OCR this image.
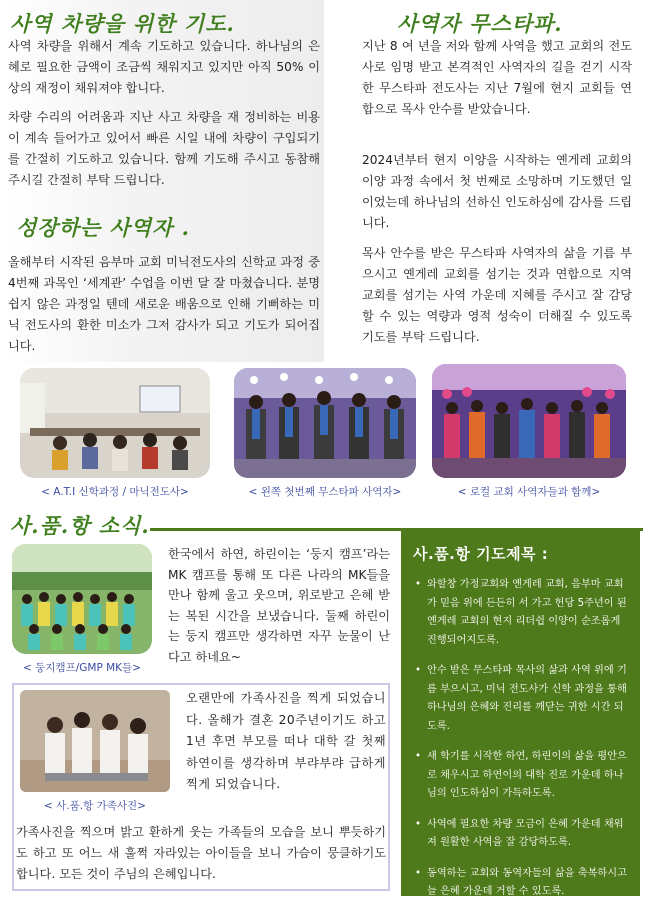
사역 차량을 위한 기도.
사역 차량을 위해서 계속 기도하고 있습니다. 하나님의 은혜로 필요한 금액이 조금씩 채워지고 있지만 아직 50% 이상의 재정이 채워져야 합니다.
차량 수리의 어려움과 지난 사고 차량을 재 정비하는 비용이 계속 들어가고 있어서 빠른 시일 내에 차량이 구입되기를 간절히 기도하고 있습니다. 함께 기도해 주시고 동참해 주시길 간절히 부탁 드립니다.
사역자 무스타파.
지난 8 여 년을 저와 함께 사역을 했고 교회의 전도사로 임명 받고 본격적인 사역자의 길을 걷기 시작한 무스타파 전도사는 지난 7월에 현지 교회들 연합으로 목사 안수를 받았습니다.
2024년부터 현지 이양을 시작하는 옌게레 교회의 이양 과정 속에서 첫 번째로 소망하며 기도했던 일이었는데 하나님의 선하신 인도하심에 감사를 드립니다.
목사 안수를 받은 무스타파 사역자의 삶을 기름 부으시고 옌게레 교회를 섬기는 것과 연합으로 지역 교회를 섬기는 사역 가운데 지혜를 주시고 잘 감당할 수 있는 역량과 영적 성숙이 더해질 수 있도록 기도를 부탁 드립니다.
성장하는 사역자 .
올해부터 시작된 음부마 교회 미닉전도사의 신학교 과정 중 4번째 과목인 ‘세계관’ 수업을 이번 달 잘 마쳤습니다. 분명 쉽지 않은 과정일 텐데 새로운 배움으로 인해 기뻐하는 미닉 전도사의 환한 미소가 그저 감사가 되고 기도가 되어집니다.
< A.T.I 신학과정 / 마닉전도사>	< 왼쪽 첫번째 무스타파 사역자>	< 로컬 교회 사역자들과 함께>
사.품.항 소식.
< 둥지캠프/GMP MK들>
한국에서 하연, 하린이는 ‘둥지 캠프’라는 MK 캠프를 통해 또 다른 나라의 MK들을 만나 함께 울고 웃으며, 위로받고 은혜 받는 복된 시간을 보냈습니다. 둘째 하린이는 둥지 캠프만 생각하면 자꾸 눈물이 난다고 하네요~
< 사.품.항 가족사진>
오랜만에 가족사진을 찍게 되었습니다. 올해가 결혼 20주년이기도 하고 1년 후면 부모를 떠나 대학 갈 첫째 하연이를 생각하며 부랴부랴 급하게 찍게 되었습니다.
가족사진을 찍으며 밝고 환하게 웃는 가족들의 모습을 보니 뿌듯하기도 하고 또 어느 새 훌쩍 자라있는 아이들을 보니 가슴이 뭉클하기도 합니다. 모든 것이 주님의 은혜입니다.
사.품.항 기도제목 :
• 와할창 가정교회와 옌게레 교회, 음부마 교회가 믿음 위에 든든히 서 가고 헌당 5주년이 된 옌게레 교회의 현지 리더쉽 이양이 순조롭게 진행되어지도록.
• 안수 받은 무스타파 목사의 삶과 사역 위에 기름 부으시고, 미닉 전도사가 신학 과정을 통해 하나님의 은혜와 진리를 깨닫는 귀한 시간 되도록.
• 새 학기를 시작한 하연, 하린이의 삶을 평안으로 채우시고 하연이의 대학 진로 가운데 하나님의 인도하심이 가득하도록.
• 사역에 필요한 차량 모금이 은혜 가운데 채워져 원활한 사역을 잘 감당하도록.
• 동역하는 교회와 동역자들의 삶을 축복하시고 늘 은혜 가운데 거할 수 있도록.
